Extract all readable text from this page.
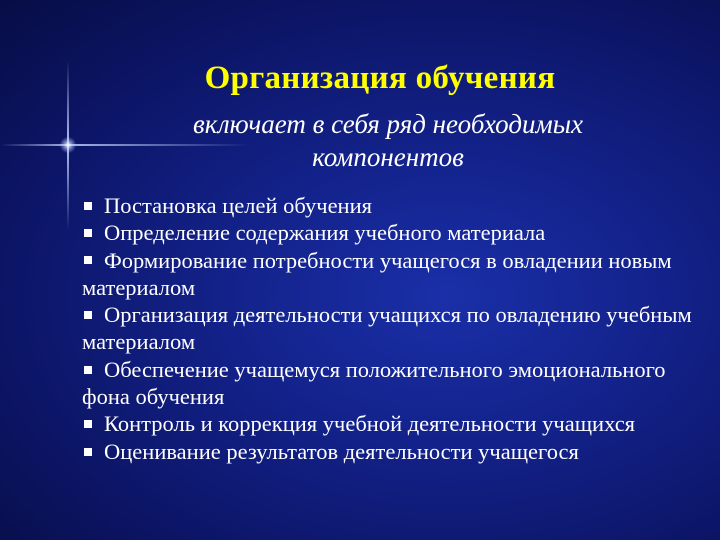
Организация обучения
включает в себя ряд необходимых компонентов

Постановка целей обучения

Определение содержания учебного материала

Формирование потребности учащегося в овладении новым материалом

Организация деятельности учащихся по овладению учебным материалом

Обеспечение учащемуся положительного эмоционального фона обучения

Контроль и коррекция учебной деятельности учащихся

Оценивание результатов деятельности учащегося
